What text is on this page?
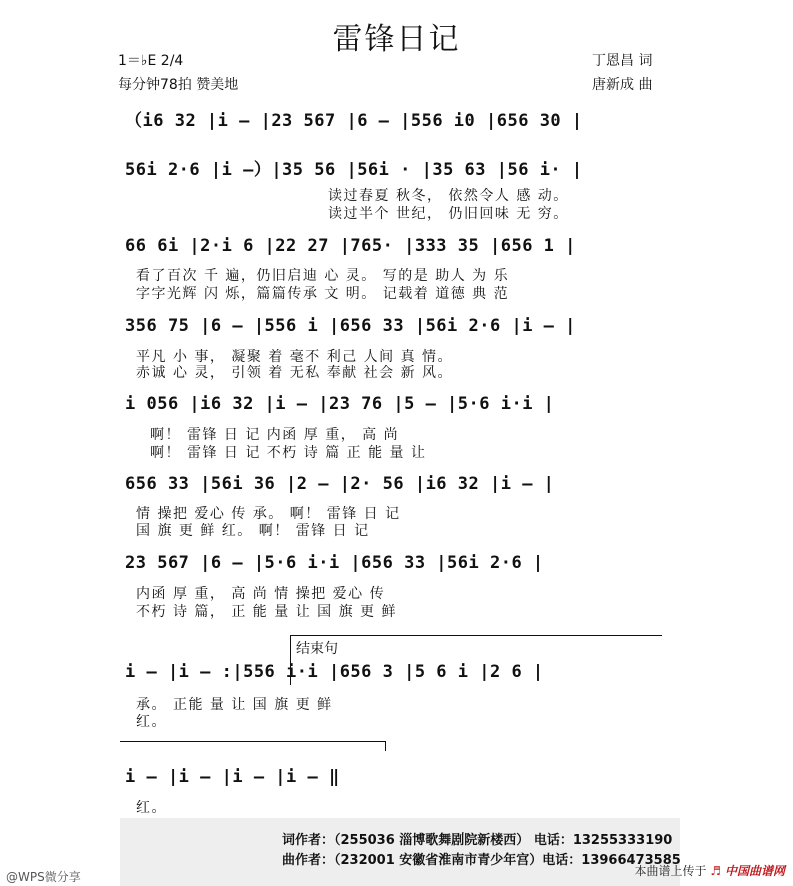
雷锋日记
1＝♭E 2/4
每分钟78拍 赞美地
丁恩昌 词
唐新成 曲
（i6 32 |i – |23 567 |6 – |556 i0 |656 30 |
56i 2·6 |i –）|35 56 |56i · |35 63 |56 i· |
读过春夏 秋冬， 依然令人 感 动。
读过半个 世纪， 仍旧回味 无 穷。
66 6i |2·i 6 |22 27 |765· |333 35 |656 1 |
看了百次 千 遍，仍旧启迪 心 灵。 写的是 助人 为 乐
字字光辉 闪 烁，篇篇传承 文 明。 记载着 道德 典 范
356 75 |6 – |556 i |656 33 |56i 2·6 |i – |
平凡 小 事， 凝聚 着 毫不 利己 人间 真 情。
赤诚 心 灵， 引领 着 无私 奉献 社会 新 风。
i 056 |i6 32 |i – |23 76 |5 – |5·6 i·i |
啊！ 雷锋 日 记 内函 厚 重， 高 尚
啊！ 雷锋 日 记 不朽 诗 篇 正 能 量 让
656 33 |56i 36 |2 – |2· 56 |i6 32 |i – |
情 操把 爱心 传 承。 啊！ 雷锋 日 记
国 旗 更 鲜 红。 啊！ 雷锋 日 记
23 567 |6 – |5·6 i·i |656 33 |56i 2·6 |
内函 厚 重， 高 尚 情 操把 爱心 传
不朽 诗 篇， 正 能 量 让 国 旗 更 鲜
结束句
i – |i – :|556 i·i |656 3 |5 6 i |2 6 |
承。 正能 量 让 国 旗 更 鲜
红。
i – |i – |i – |i – ‖
红。
词作者：（255036 淄博歌舞剧院新楼西） 电话：13255333190
曲作者：（232001 安徽省淮南市青少年宫）电话：13966473585
@WPS微分享	本曲谱上传于 ♬ 中国曲谱网
